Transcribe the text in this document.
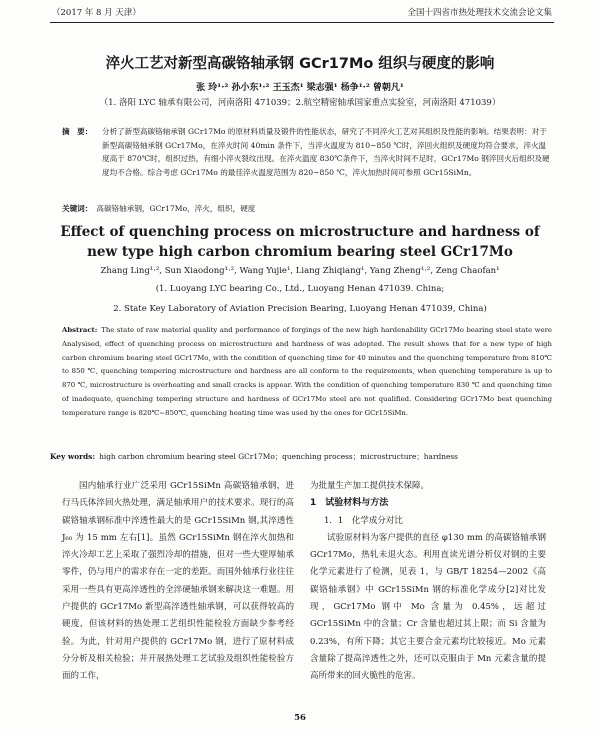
（2017 年 8 月 天津）	全国十四省市热处理技术交流会论文集
淬火工艺对新型高碳铬轴承钢 GCr17Mo 组织与硬度的影响
张 玲¹·² 孙小东¹·² 王玉杰¹ 梁志强¹ 杨争¹·² 曾朝凡¹
（1. 洛阳 LYC 轴承有限公司，河南洛阳 471039；2.航空精密轴承国家重点实验室，河南洛阳 471039）
摘　要： 分析了新型高碳铬轴承钢 GCr17Mo 的原材料质量及锻件的性能状态，研究了不同淬火工艺对其组织及性能的影响。结果表明：对于新型高碳铬轴承钢 GCr17Mo，在淬火时间 40min 条件下，当淬火温度为 810~850 ℃时，淬回火组织及硬度均符合要求，淬火温度高于 870℃时，组织过热，有细小淬火裂纹出现。在淬火温度 830℃条件下，当淬火时间不足时，GCr17Mo 钢淬回火后组织及硬度均不合格。综合考虑 GCr17Mo 的最佳淬火温度范围为 820~850 ℃，淬火加热时间可参照 GCr15SiMn。
关键词： 高碳铬轴承钢，GCr17Mo，淬火，组织，硬度
Effect of quenching process on microstructure and hardness of
new type high carbon chromium bearing steel GCr17Mo
Zhang Ling¹·², Sun Xiaodong¹·², Wang Yujie¹, Liang Zhiqiang¹, Yang Zheng¹·², Zeng Chaofan¹
(1. Luoyang LYC bearing Co., Ltd., Luoyang Henan 471039. China;
2. State Key Laboratory of Aviation Precision Bearing, Luoyang Henan 471039, China)
Abstract: The state of raw material quality and performance of forgings of the new high hardenability GCr17Mo bearing steel state were Analysised, effect of quenching process on microstructure and hardness of was adopted. The result shows that for a new type of high carbon chromium bearing steel GCr17Mo, with the condition of quenching time for 40 minutes and the quenching temperature from 810℃ to 850 ℃, quenching tempering microstructure and hardness are all conform to the requirements, when quenching temperature is up to 870 ℃, microstructure is overheating and small cracks is appear. With the condition of quenching temperature 830 ℃ and quenching time of inadequate, quenching tempering structure and hardness of GCr17Mo steel are not qualified. Considering GCr17Mo best quenching temperature range is 820℃~850℃, quenching heating time was used by the ones for GCr15SiMn.
Key words: high carbon chromium bearing steel GCr17Mo；quenching process；microstructure；hardness

国内轴承行业广泛采用 GCr15SiMn 高碳铬轴承钢，进行马氏体淬回火热处理，满足轴承用户的技术要求。现行的高碳铬轴承钢标准中淬透性最大的是 GCr15SiMn 钢,其淬透性 J₆₀ 为 15 mm 左右[1]。虽然 GCr15SiMn 钢在淬火加热和淬火冷却工艺上采取了强烈冷却的措施，但对一些大壁厚轴承零件，仍与用户的需求存在一定的差距。而国外轴承行业往往采用一些具有更高淬透性的全淬硬轴承钢来解决这一难题。用户提供的 GCr17Mo 新型高淬透性轴承钢，可以获得较高的硬度，但该材料的热处理工艺组织性能检验方面缺少参考经验。为此，针对用户提供的 GCr17Mo 钢，进行了原材料成分分析及相关检验；并开展热处理工艺试验及组织性能检验方面的工作，

为批量生产加工提供技术保障。

1　试验材料与方法
1．1　化学成分对比

试验原材料为客户提供的直径 φ130 mm 的高碳铬轴承钢 GCr17Mo，热轧未退火态。利用直读光谱分析仪对钢的主要化学元素进行了检测，见表 1，与 GB/T 18254—2002《高碳铬轴承钢》中 GCr15SiMn 钢的标准化学成分[2]对比发现，GCr17Mo 钢中 Mo 含量为 0.45%，远超过 GCr15SiMn 中的含量；Cr 含量也超过其上限；而 Si 含量为 0.23%，有所下降；其它主要合金元素均比较接近。Mo 元素含量除了提高淬透性之外，还可以克服由于 Mn 元素含量的提高所带来的回火脆性的危害。

56
